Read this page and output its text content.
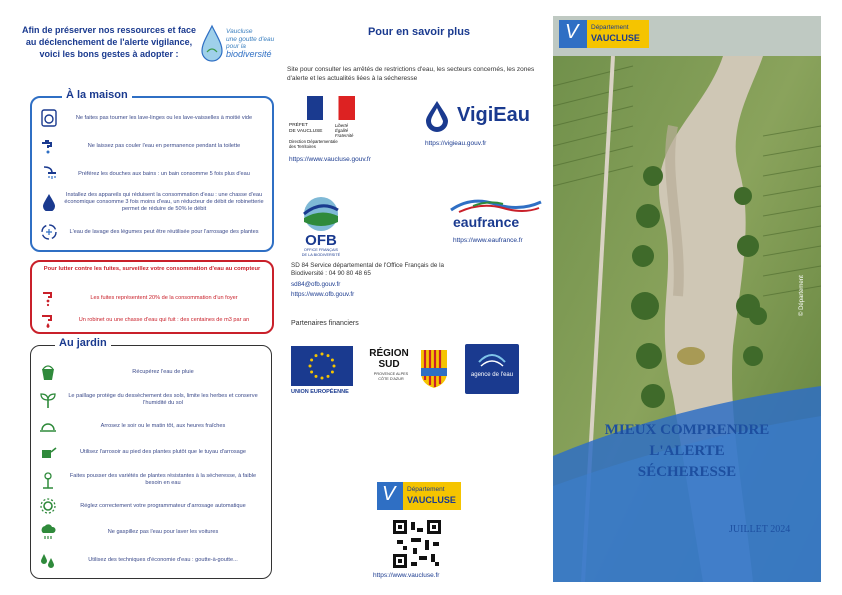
Afin de préserver nos ressources et face au déclenchement de l'alerte vigilance, voici les bons gestes à adopter :
Vaucluse
une goutte d'eau
pour la
biodiversité
À la maison
Ne faites pas tourner les lave-linges ou les lave-vaisselles à moitié vide
Ne laissez pas couler l'eau en permanence pendant la toilette
Préférez les douches aux bains : un bain consomme 5 fois plus d'eau
Installez des appareils qui réduisent la consommation d'eau : une chasse d'eau économique consomme 3 fois moins d'eau, un réducteur de débit de robinetterie permet de réduire de 50% le débit
L'eau de lavage des légumes peut être réutilisée pour l'arrosage des plantes
Pour lutter contre les fuites, surveillez votre consommation d'eau au compteur
Les fuites représentent 20% de la consommation d'un foyer
Un robinet ou une chasse d'eau qui fuit : des centaines de m3 par an
Au jardin
Récupérez l'eau de pluie
Le paillage protège du dessèchement des sols, limite les herbes et conserve l'humidité du sol
Arrosez le soir ou le matin tôt, aux heures fraîches
Utilisez l'arrosoir au pied des plantes plutôt que le tuyau d'arrosage
Faites pousser des variétés de plantes résistantes à la sécheresse, à faible besoin en eau
Réglez correctement votre programmateur d'arrosage automatique
Ne gaspillez pas l'eau pour laver les voitures
Utilisez des techniques d'économie d'eau : goutte-à-goutte...
Pour en savoir plus
Site pour consulter les arrêtés de restrictions d'eau, les secteurs concernés, les zones d'alerte et les actualités liées à la sécheresse
PRÉFET
DE VAUCLUSE
Liberté
Égalité
Fraternité
Direction Départementale
des Territoires
https://www.vaucluse.gouv.fr
VigiEau
https://vigieau.gouv.fr
OFB
OFFICE FRANÇAIS
DE LA BIODIVERSITÉ
SD 84 Service départemental de l'Office Français de la Biodiversité : 04 90 80 48 65
sd84@ofb.gouv.fr
https://www.ofb.gouv.fr
eaufrance
https://www.eaufrance.fr
Partenaires financiers
UNION EUROPÉENNE
RÉGION SUD
PROVENCE ALPES CÔTE D'AZUR
agence de l'eau
V Département
VAUCLUSE
https://www.vaucluse.fr
V Département
VAUCLUSE
© Département
MIEUX COMPRENDRE
L'ALERTE
SÉCHERESSE
JUILLET 2024
